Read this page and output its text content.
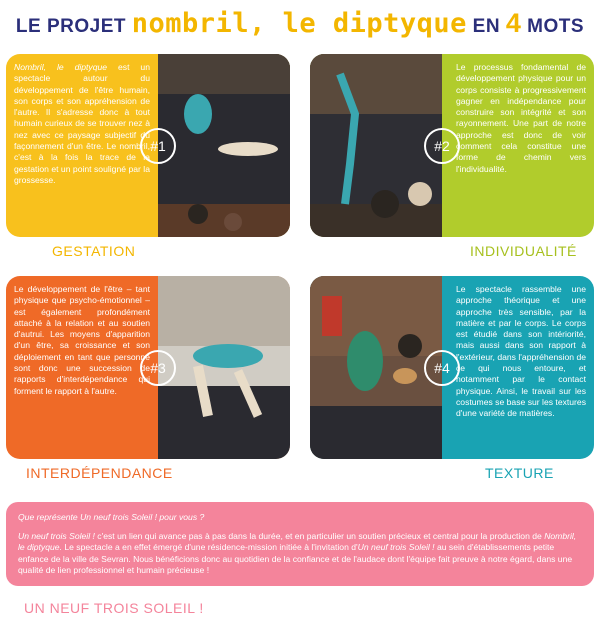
LE PROJET nombril, le diptyque EN 4 MOTS
Nombril, le diptyque est un spectacle autour du développement de l'être humain, son corps et son appréhension de l'autre. Il s'adresse donc à tout humain curieux de se trouver nez à nez avec ce paysage subjectif du façonnement d'un être. Le nombril, c'est à la fois la trace de la gestation et un point souligné par la grossesse.
#1
GESTATION
#2
Le processus fondamental de développement physique pour un corps consiste à progressivement gagner en indépendance pour construire son intégrité et son rayonnement. Une part de notre approche est donc de voir comment cela constitue une forme de chemin vers l'individualité.
INDIVIDUALITÉ
Le développement de l'être – tant physique que psycho-émotionnel – est également profondément attaché à la relation et au soutien d'autrui. Les moyens d'apparition d'un être, sa croissance et son déploiement en tant que personne sont donc une succession de rapports d'interdépendance qui forment le rapport à l'autre.
#3
INTERDÉPENDANCE
#4
Le spectacle rassemble une approche théorique et une approche très sensible, par la matière et par le corps. Le corps est étudié dans son intériorité, mais aussi dans son rapport à l'extérieur, dans l'appréhension de ce qui nous entoure, et notamment par le contact physique. Ainsi, le travail sur les costumes se base sur les textures d'une variété de matières.
TEXTURE
Que représente Un neuf trois Soleil ! pour vous ?
Un neuf trois Soleil ! c'est un lien qui avance pas à pas dans la durée, et en particulier un soutien précieux et central pour la production de Nombril, le diptyque. Le spectacle a en effet émergé d'une résidence-mission initiée à l'invitation d'Un neuf trois Soleil ! au sein d'établissements petite enfance de la ville de Sevran. Nous bénéficions donc au quotidien de la confiance et de l'audace dont l'équipe fait preuve à notre égard, dans une qualité de lien professionnel et humain précieuse !
UN NEUF TROIS SOLEIL !
